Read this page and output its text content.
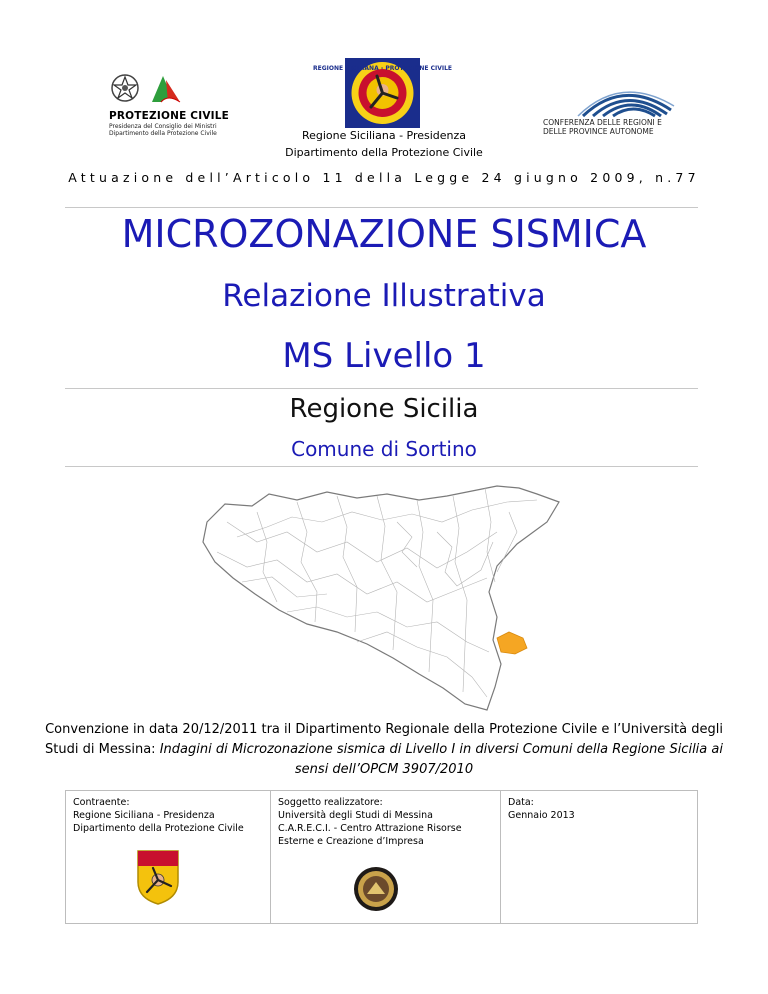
PROTEZIONE CIVILE
Presidenza del Consiglio dei Ministri
Dipartimento della Protezione Civile
REGIONE SICILIANA - PROTEZIONE CIVILE
CONFERENZA DELLE REGIONI E
DELLE PROVINCE AUTONOME
Regione Siciliana - Presidenza
Dipartimento della Protezione Civile
Attuazione dell’Articolo 11 della Legge 24 giugno 2009, n.77
MICROZONAZIONE SISMICA
Relazione Illustrativa
MS Livello 1
Regione Sicilia
Comune di Sortino
Convenzione in data 20/12/2011 tra il Dipartimento Regionale della Protezione Civile e l’Università degli Studi di Messina: Indagini di Microzonazione sismica di Livello I in diversi Comuni della Regione Sicilia ai sensi dell’OPCM 3907/2010
Contraente:
Regione Siciliana - Presidenza
Dipartimento della Protezione Civile

Soggetto realizzatore:
Università degli Studi di Messina
C.A.R.E.C.I. - Centro Attrazione Risorse
Esterne e Creazione d’Impresa

Data:
Gennaio 2013
